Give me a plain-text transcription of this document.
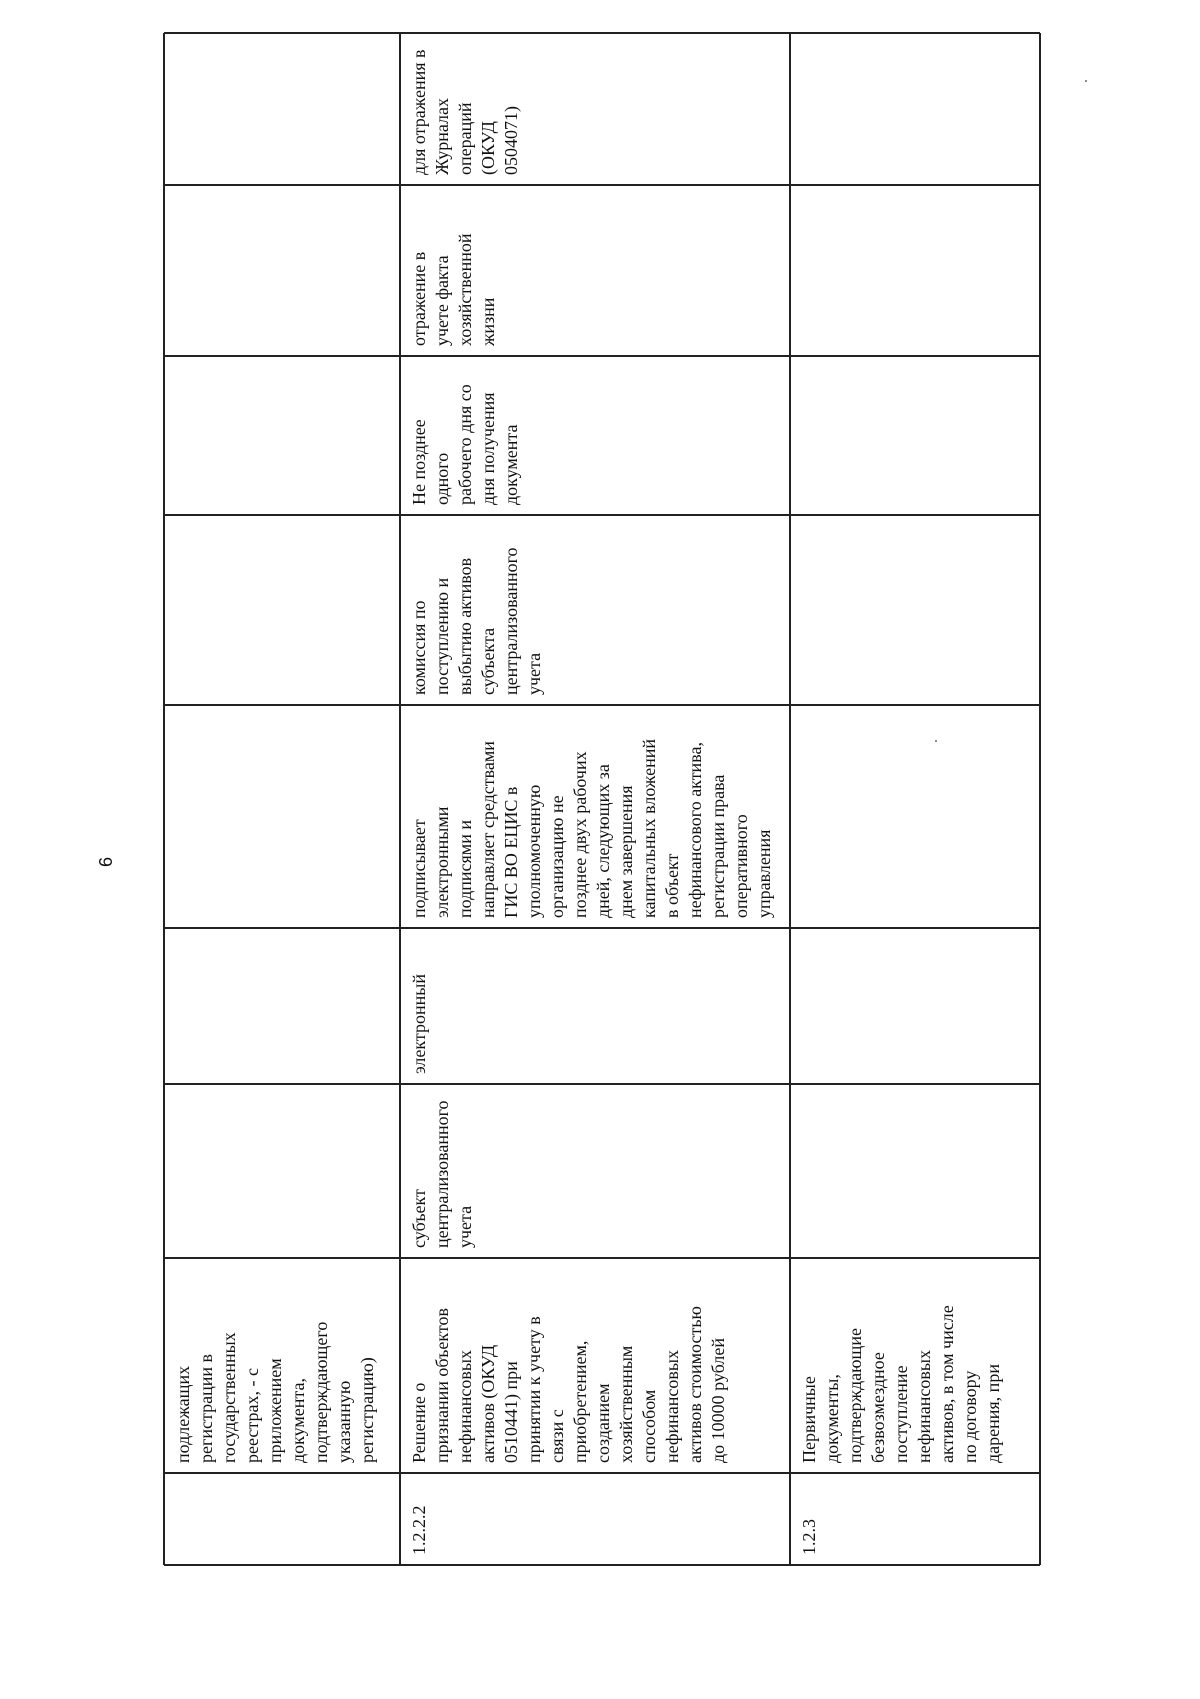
6
подлежащих
регистрации в
государственных
реестрах, - с
приложением
документа,
подтверждающего
указанную
регистрацию)
1.2.2.2
Решение о
признании объектов
нефинансовых
активов (ОКУД
0510441) при
принятии к учету в
связи с
приобретением,
созданием
хозяйственным
способом
нефинансовых
активов стоимостью
до 10000 рублей
субъект
централизованного
учета
электронный
подписывает
электронными
подписями и
направляет средствами
ГИС ВО ЕЦИС в
уполномоченную
организацию не
позднее двух рабочих
дней, следующих за
днем завершения
капитальных вложений
в объект
нефинансового актива,
регистрации права
оперативного
управления
комиссия по
поступлению и
выбытию активов
субъекта
централизованного
учета
Не позднее
одного
рабочего дня со
дня получения
документа
отражение в
учете факта
хозяйственной
жизни
для отражения в
Журналах
операций
(ОКУД
0504071)
1.2.3
Первичные
документы,
подтверждающие
безвозмездное
поступление
нефинансовых
активов, в том числе
по договору
дарения, при
